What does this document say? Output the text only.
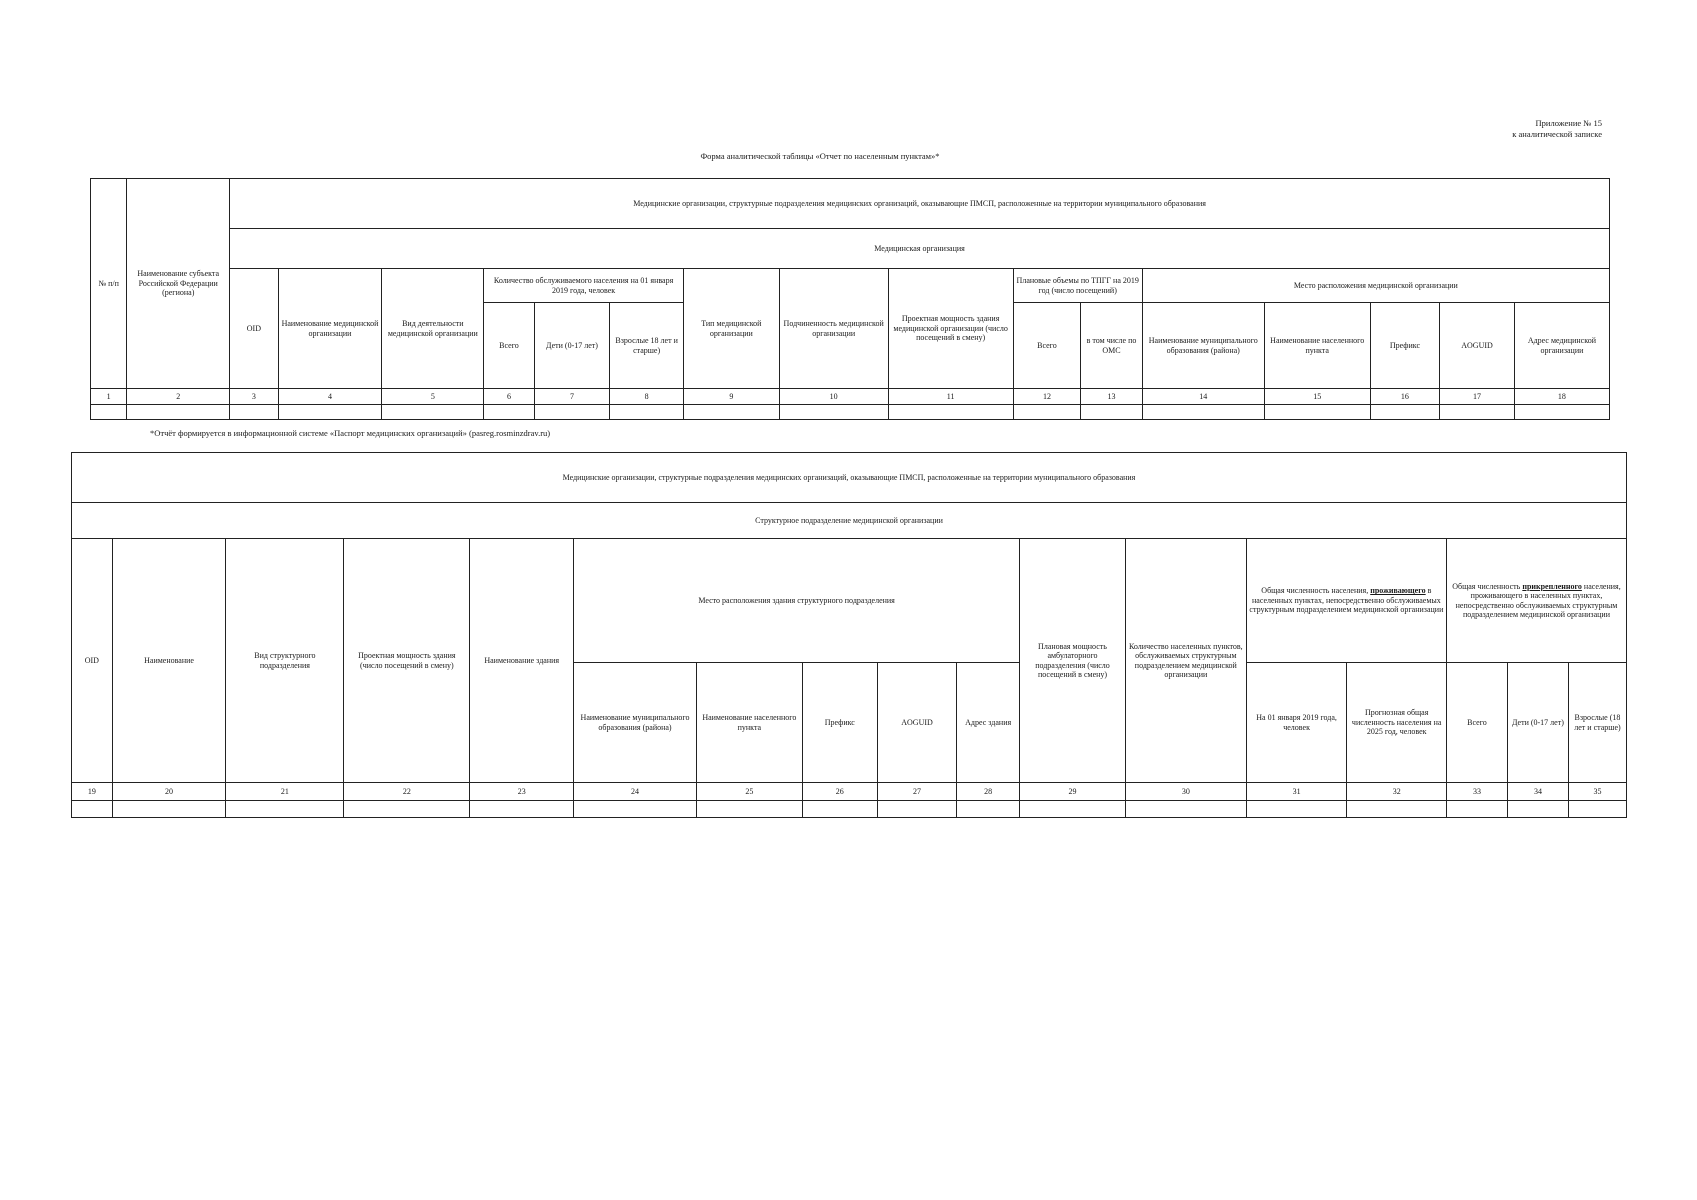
Приложение № 15
к аналитической записке
Форма аналитической таблицы «Отчет по населенным пунктам»*
№ п/п	Наименование субъекта Российской Федерации (региона)	Медицинские организации, структурные подразделения медицинских организаций, оказывающие ПМСП, расположенные на территории муниципального образования															
		Медицинская организация															
		OID	Наименование медицинской организации	Вид деятельности медицинской организации	Количество обслуживаемого населения на 01 января 2019 года, человек			Тип медицинской организации	Подчиненность медицинской организации	Проектная мощность здания медицинской организации (число посещений в смену)	Плановые объемы по ТПГГ на 2019 год (число посещений)		Место расположения медицинской организации				
					Всего	Дети (0-17 лет)	Взрослые 18 лет и старше)				Всего	в том числе по ОМС	Наименование муниципального образования (района)	Наименование населенного пункта	Префикс	AOGUID	Адрес медицинской организации
1	2	3	4	5	6	7	8	9	10	11	12	13	14	15	16	17	18

*Отчёт формируется в информационной системе «Паспорт медицинских организаций» (pasreg.rosminzdrav.ru)
Медицинские организации, структурные подразделения медицинских организаций, оказывающие ПМСП, расположенные на территории муниципального образования																
Структурное подразделение медицинской организации																
OID	Наименование	Вид структурного подразделения	Проектная мощность здания (число посещений в смену)	Наименование здания	Место расположения здания структурного подразделения					Плановая мощность амбулаторного подразделения (число посещений в смену)	Количество населенных пунктов, обслуживаемых структурным подразделением медицинской организации	Общая численность населения, проживающего в населенных пунктах, непосредственно обслуживаемых структурным подразделением медицинской организации		Общая численность прикрепленного населения, проживающего в населенных пунктах, непосредственно обслуживаемых структурным подразделением медицинской организации		
					Наименование муниципального образования (района)	Наименование населенного пункта	Префикс	AOGUID	Адрес здания			На 01 января 2019 года, человек	Прогнозная общая численность населения на 2025 год, человек	Всего	Дети (0-17 лет)	Взрослые (18 лет и старше)
19	20	21	22	23	24	25	26	27	28	29	30	31	32	33	34	35
